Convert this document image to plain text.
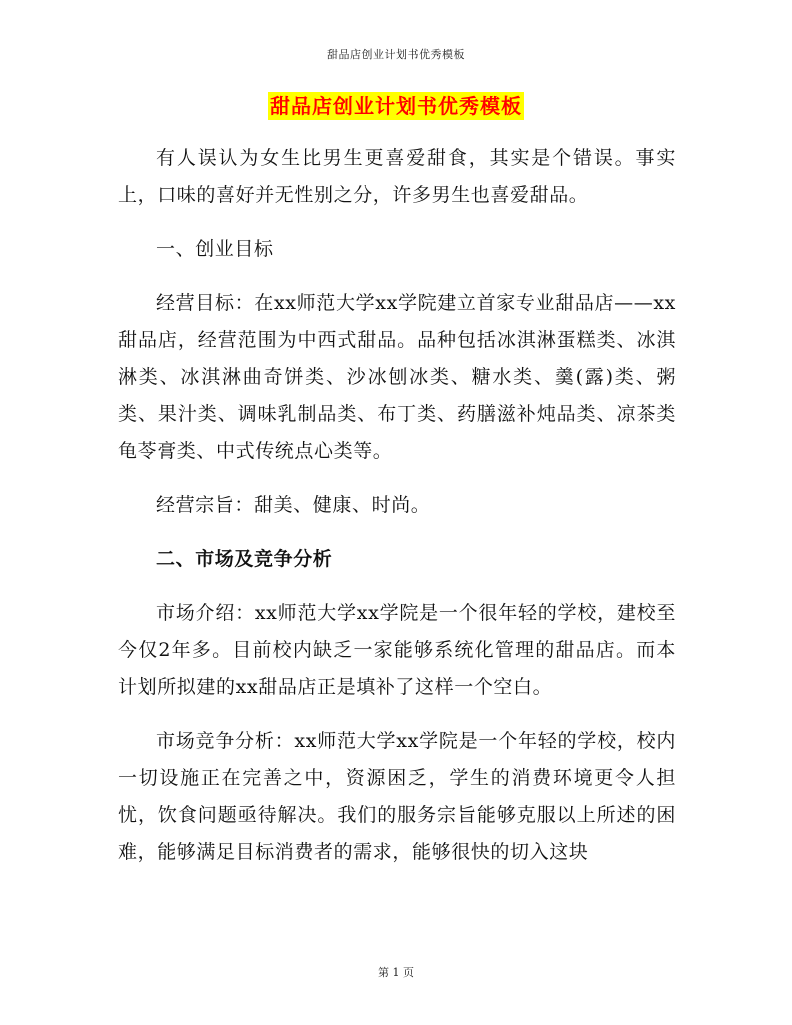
甜品店创业计划书优秀模板
甜品店创业计划书优秀模板

有人误认为女生比男生更喜爱甜食，其实是个错误。事实上，口味的喜好并无性别之分，许多男生也喜爱甜品。

一、创业目标

经营目标：在xx师范大学xx学院建立首家专业甜品店——xx甜品店，经营范围为中西式甜品。品种包括冰淇淋蛋糕类、冰淇淋类、冰淇淋曲奇饼类、沙冰刨冰类、糖水类、羹(露)类、粥类、果汁类、调味乳制品类、布丁类、药膳滋补炖品类、凉茶类龟苓膏类、中式传统点心类等。

经营宗旨：甜美、健康、时尚。

二、市场及竞争分析

市场介绍：xx师范大学xx学院是一个很年轻的学校，建校至今仅2年多。目前校内缺乏一家能够系统化管理的甜品店。而本计划所拟建的xx甜品店正是填补了这样一个空白。

市场竞争分析：xx师范大学xx学院是一个年轻的学校，校内一切设施正在完善之中，资源困乏，学生的消费环境更令人担忧，饮食问题亟待解决。我们的服务宗旨能够克服以上所述的困难，能够满足目标消费者的需求，能够很快的切入这块

第 1 页
